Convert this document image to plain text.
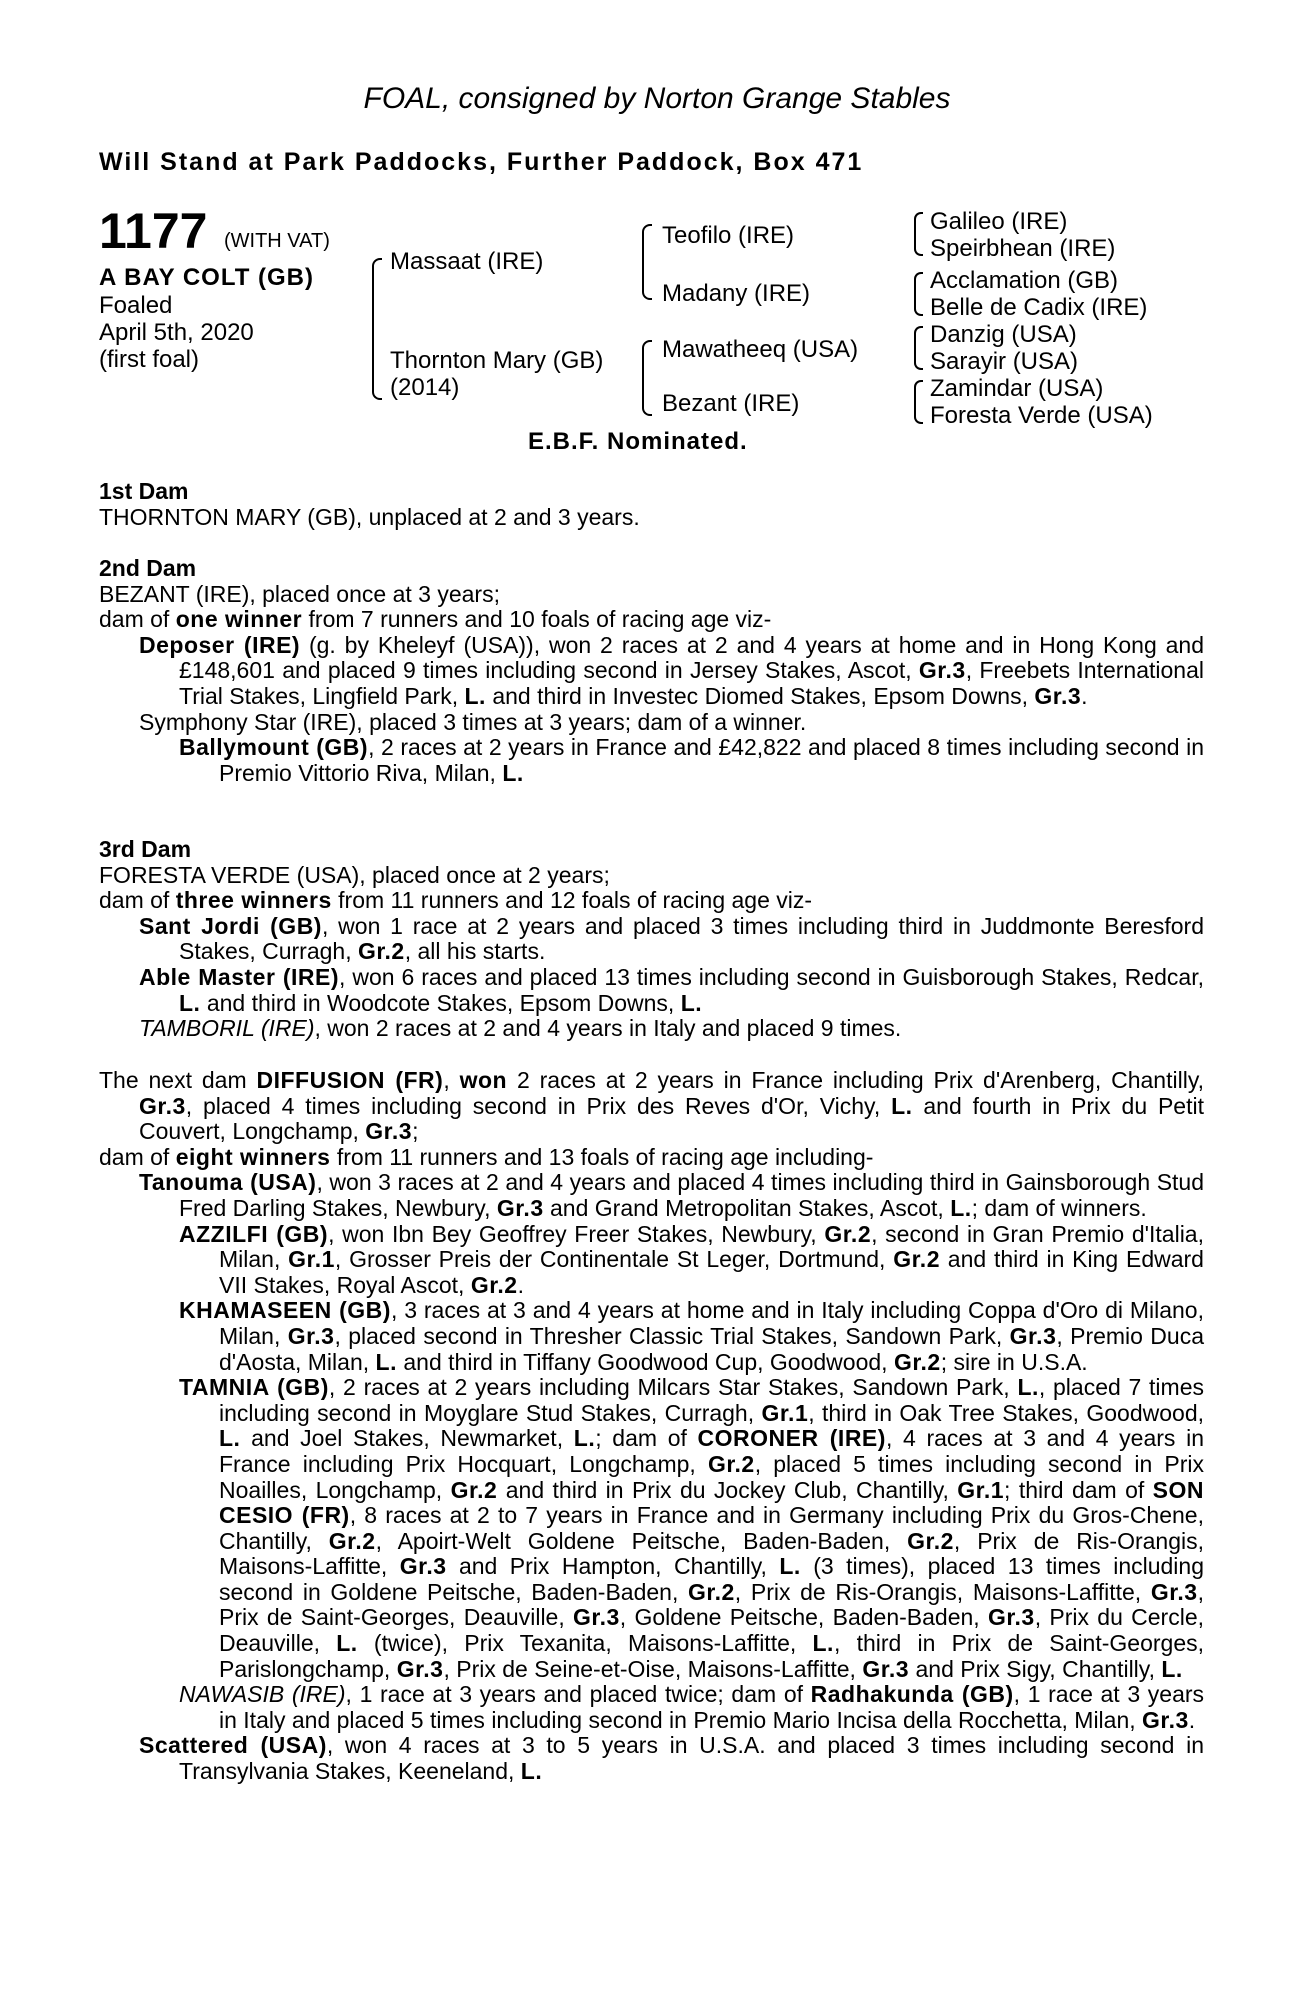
FOAL, consigned by Norton Grange Stables
Will Stand at Park Paddocks, Further Paddock, Box 471
1177 (WITH VAT)
A BAY COLT (GB)
Foaled
April 5th, 2020
(first foal)
Massaat (IRE)
Thornton Mary (GB)
(2014)
Teofilo (IRE)
Madany (IRE)
Mawatheeq (USA)
Bezant (IRE)
Galileo (IRE)
Speirbhean (IRE)
Acclamation (GB)
Belle de Cadix (IRE)
Danzig (USA)
Sarayir (USA)
Zamindar (USA)
Foresta Verde (USA)
E.B.F. Nominated.
1st Dam
THORNTON MARY (GB), unplaced at 2 and 3 years.
2nd Dam
BEZANT (IRE), placed once at 3 years;
dam of one winner from 7 runners and 10 foals of racing age viz-
Deposer (IRE) (g. by Kheleyf (USA)), won 2 races at 2 and 4 years at home and in Hong Kong and £148,601 and placed 9 times including second in Jersey Stakes, Ascot, Gr.3, Freebets International Trial Stakes, Lingfield Park, L. and third in Investec Diomed Stakes, Epsom Downs, Gr.3.
Symphony Star (IRE), placed 3 times at 3 years; dam of a winner.
Ballymount (GB), 2 races at 2 years in France and £42,822 and placed 8 times including second in Premio Vittorio Riva, Milan, L.
3rd Dam
FORESTA VERDE (USA), placed once at 2 years;
dam of three winners from 11 runners and 12 foals of racing age viz-
Sant Jordi (GB), won 1 race at 2 years and placed 3 times including third in Juddmonte Beresford Stakes, Curragh, Gr.2, all his starts.
Able Master (IRE), won 6 races and placed 13 times including second in Guisborough Stakes, Redcar, L. and third in Woodcote Stakes, Epsom Downs, L.
TAMBORIL (IRE), won 2 races at 2 and 4 years in Italy and placed 9 times.
The next dam DIFFUSION (FR), won 2 races at 2 years in France including Prix d'Arenberg, Chantilly, Gr.3, placed 4 times including second in Prix des Reves d'Or, Vichy, L. and fourth in Prix du Petit Couvert, Longchamp, Gr.3;
dam of eight winners from 11 runners and 13 foals of racing age including-
Tanouma (USA), won 3 races at 2 and 4 years and placed 4 times including third in Gainsborough Stud Fred Darling Stakes, Newbury, Gr.3 and Grand Metropolitan Stakes, Ascot, L.; dam of winners.
AZZILFI (GB), won Ibn Bey Geoffrey Freer Stakes, Newbury, Gr.2, second in Gran Premio d'Italia, Milan, Gr.1, Grosser Preis der Continentale St Leger, Dortmund, Gr.2 and third in King Edward VII Stakes, Royal Ascot, Gr.2.
KHAMASEEN (GB), 3 races at 3 and 4 years at home and in Italy including Coppa d'Oro di Milano, Milan, Gr.3, placed second in Thresher Classic Trial Stakes, Sandown Park, Gr.3, Premio Duca d'Aosta, Milan, L. and third in Tiffany Goodwood Cup, Goodwood, Gr.2; sire in U.S.A.
TAMNIA (GB), 2 races at 2 years including Milcars Star Stakes, Sandown Park, L., placed 7 times including second in Moyglare Stud Stakes, Curragh, Gr.1, third in Oak Tree Stakes, Goodwood, L. and Joel Stakes, Newmarket, L.; dam of CORONER (IRE), 4 races at 3 and 4 years in France including Prix Hocquart, Longchamp, Gr.2, placed 5 times including second in Prix Noailles, Longchamp, Gr.2 and third in Prix du Jockey Club, Chantilly, Gr.1; third dam of SON CESIO (FR), 8 races at 2 to 7 years in France and in Germany including Prix du Gros-Chene, Chantilly, Gr.2, Apoirt-Welt Goldene Peitsche, Baden-Baden, Gr.2, Prix de Ris-Orangis, Maisons-Laffitte, Gr.3 and Prix Hampton, Chantilly, L. (3 times), placed 13 times including second in Goldene Peitsche, Baden-Baden, Gr.2, Prix de Ris-Orangis, Maisons-Laffitte, Gr.3, Prix de Saint-Georges, Deauville, Gr.3, Goldene Peitsche, Baden-Baden, Gr.3, Prix du Cercle, Deauville, L. (twice), Prix Texanita, Maisons-Laffitte, L., third in Prix de Saint-Georges, Parislongchamp, Gr.3, Prix de Seine-et-Oise, Maisons-Laffitte, Gr.3 and Prix Sigy, Chantilly, L.
NAWASIB (IRE), 1 race at 3 years and placed twice; dam of Radhakunda (GB), 1 race at 3 years in Italy and placed 5 times including second in Premio Mario Incisa della Rocchetta, Milan, Gr.3.
Scattered (USA), won 4 races at 3 to 5 years in U.S.A. and placed 3 times including second in Transylvania Stakes, Keeneland, L.
